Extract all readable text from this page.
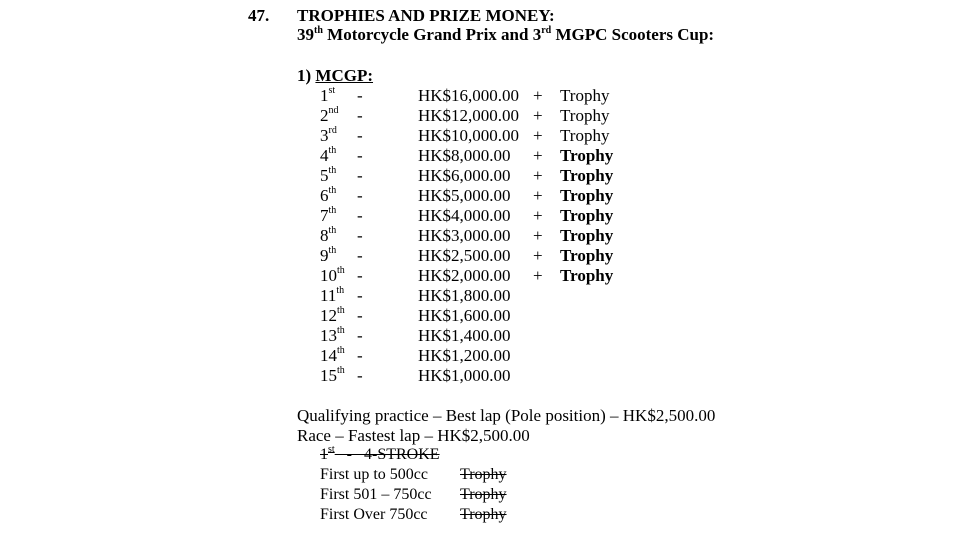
47. TROPHIES AND PRIZE MONEY:
39th Motorcycle Grand Prix and 3rd MGPC Scooters Cup:
1) MCGP:
1st -	HK$16,000.00 + Trophy
2nd -	HK$12,000.00 + Trophy
3rd -	HK$10,000.00 + Trophy
4th -	HK$8,000.00 + Trophy
5th -	HK$6,000.00 + Trophy
6th -	HK$5,000.00 + Trophy
7th -	HK$4,000.00 + Trophy
8th -	HK$3,000.00 + Trophy
9th -	HK$2,500.00 + Trophy
10th -	HK$2,000.00 + Trophy
11th -	HK$1,800.00
12th -	HK$1,600.00
13th -	HK$1,400.00
14th -	HK$1,200.00
15th -	HK$1,000.00
Qualifying practice – Best lap (Pole position) – HK$2,500.00
Race – Fastest lap – HK$2,500.00
1st   -   4-STROKE
First up to 500cc Trophy
First 501 – 750cc Trophy
First Over 750cc Trophy
